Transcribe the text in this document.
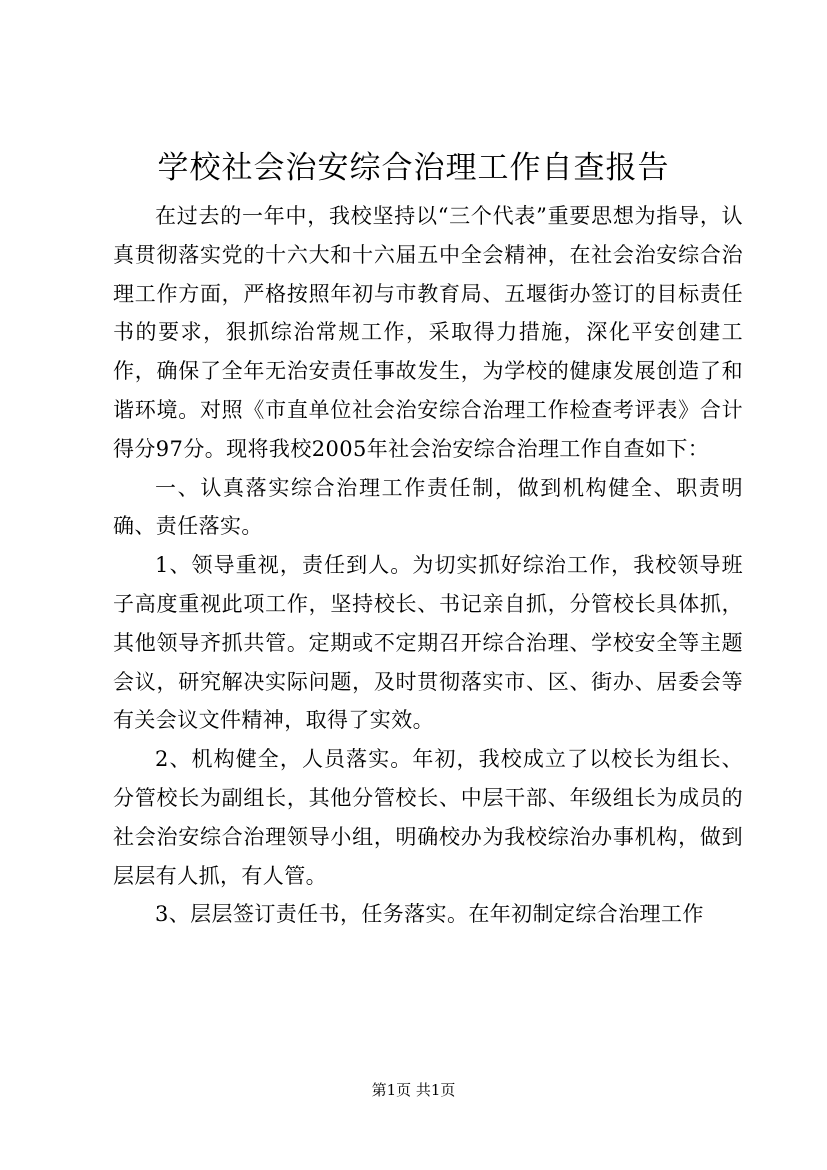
学校社会治安综合治理工作自查报告

在过去的一年中，我校坚持以“三个代表”重要思想为指导，认真贯彻落实党的十六大和十六届五中全会精神，在社会治安综合治理工作方面，严格按照年初与市教育局、五堰街办签订的目标责任书的要求，狠抓综治常规工作，采取得力措施，深化平安创建工作，确保了全年无治安责任事故发生，为学校的健康发展创造了和谐环境。对照《市直单位社会治安综合治理工作检查考评表》合计得分97分。现将我校2005年社会治安综合治理工作自查如下：

一、认真落实综合治理工作责任制，做到机构健全、职责明确、责任落实。

1、领导重视，责任到人。为切实抓好综治工作，我校领导班子高度重视此项工作，坚持校长、书记亲自抓，分管校长具体抓，其他领导齐抓共管。定期或不定期召开综合治理、学校安全等主题会议，研究解决实际问题，及时贯彻落实市、区、街办、居委会等有关会议文件精神，取得了实效。

2、机构健全，人员落实。年初，我校成立了以校长为组长、分管校长为副组长，其他分管校长、中层干部、年级组长为成员的社会治安综合治理领导小组，明确校办为我校综治办事机构，做到层层有人抓，有人管。

3、层层签订责任书，任务落实。在年初制定综合治理工作

第1页 共1页
